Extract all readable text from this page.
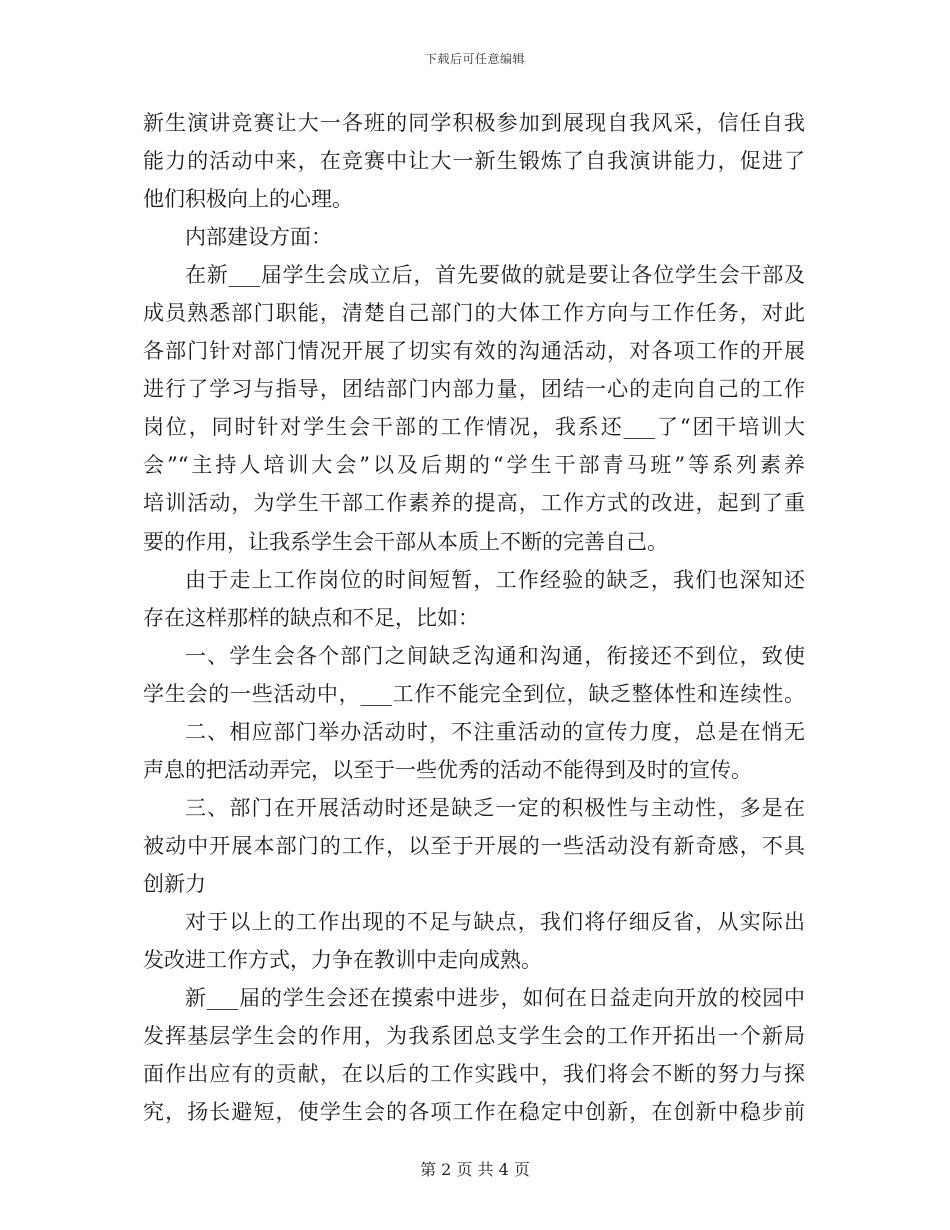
下载后可任意编辑
新生演讲竞赛让大一各班的同学积极参加到展现自我风采，信任自我
能力的活动中来，在竞赛中让大一新生锻炼了自我演讲能力，促进了
他们积极向上的心理。
内部建设方面：
在新___届学生会成立后，首先要做的就是要让各位学生会干部及
成员熟悉部门职能，清楚自己部门的大体工作方向与工作任务，对此
各部门针对部门情况开展了切实有效的沟通活动，对各项工作的开展
进行了学习与指导，团结部门内部力量，团结一心的走向自己的工作
岗位，同时针对学生会干部的工作情况，我系还___了“团干培训大
会”“主持人培训大会”以及后期的“学生干部青马班”等系列素养
培训活动，为学生干部工作素养的提高，工作方式的改进，起到了重
要的作用，让我系学生会干部从本质上不断的完善自己。
由于走上工作岗位的时间短暂，工作经验的缺乏，我们也深知还
存在这样那样的缺点和不足，比如：
一、学生会各个部门之间缺乏沟通和沟通，衔接还不到位，致使
学生会的一些活动中，___工作不能完全到位，缺乏整体性和连续性。
二、相应部门举办活动时，不注重活动的宣传力度，总是在悄无
声息的把活动弄完，以至于一些优秀的活动不能得到及时的宣传。
三、部门在开展活动时还是缺乏一定的积极性与主动性，多是在
被动中开展本部门的工作，以至于开展的一些活动没有新奇感，不具
创新力
对于以上的工作出现的不足与缺点，我们将仔细反省，从实际出
发改进工作方式，力争在教训中走向成熟。
新___届的学生会还在摸索中进步，如何在日益走向开放的校园中
发挥基层学生会的作用，为我系团总支学生会的工作开拓出一个新局
面作出应有的贡献，在以后的工作实践中，我们将会不断的努力与探
究，扬长避短，使学生会的各项工作在稳定中创新，在创新中稳步前
第 2 页 共 4 页
